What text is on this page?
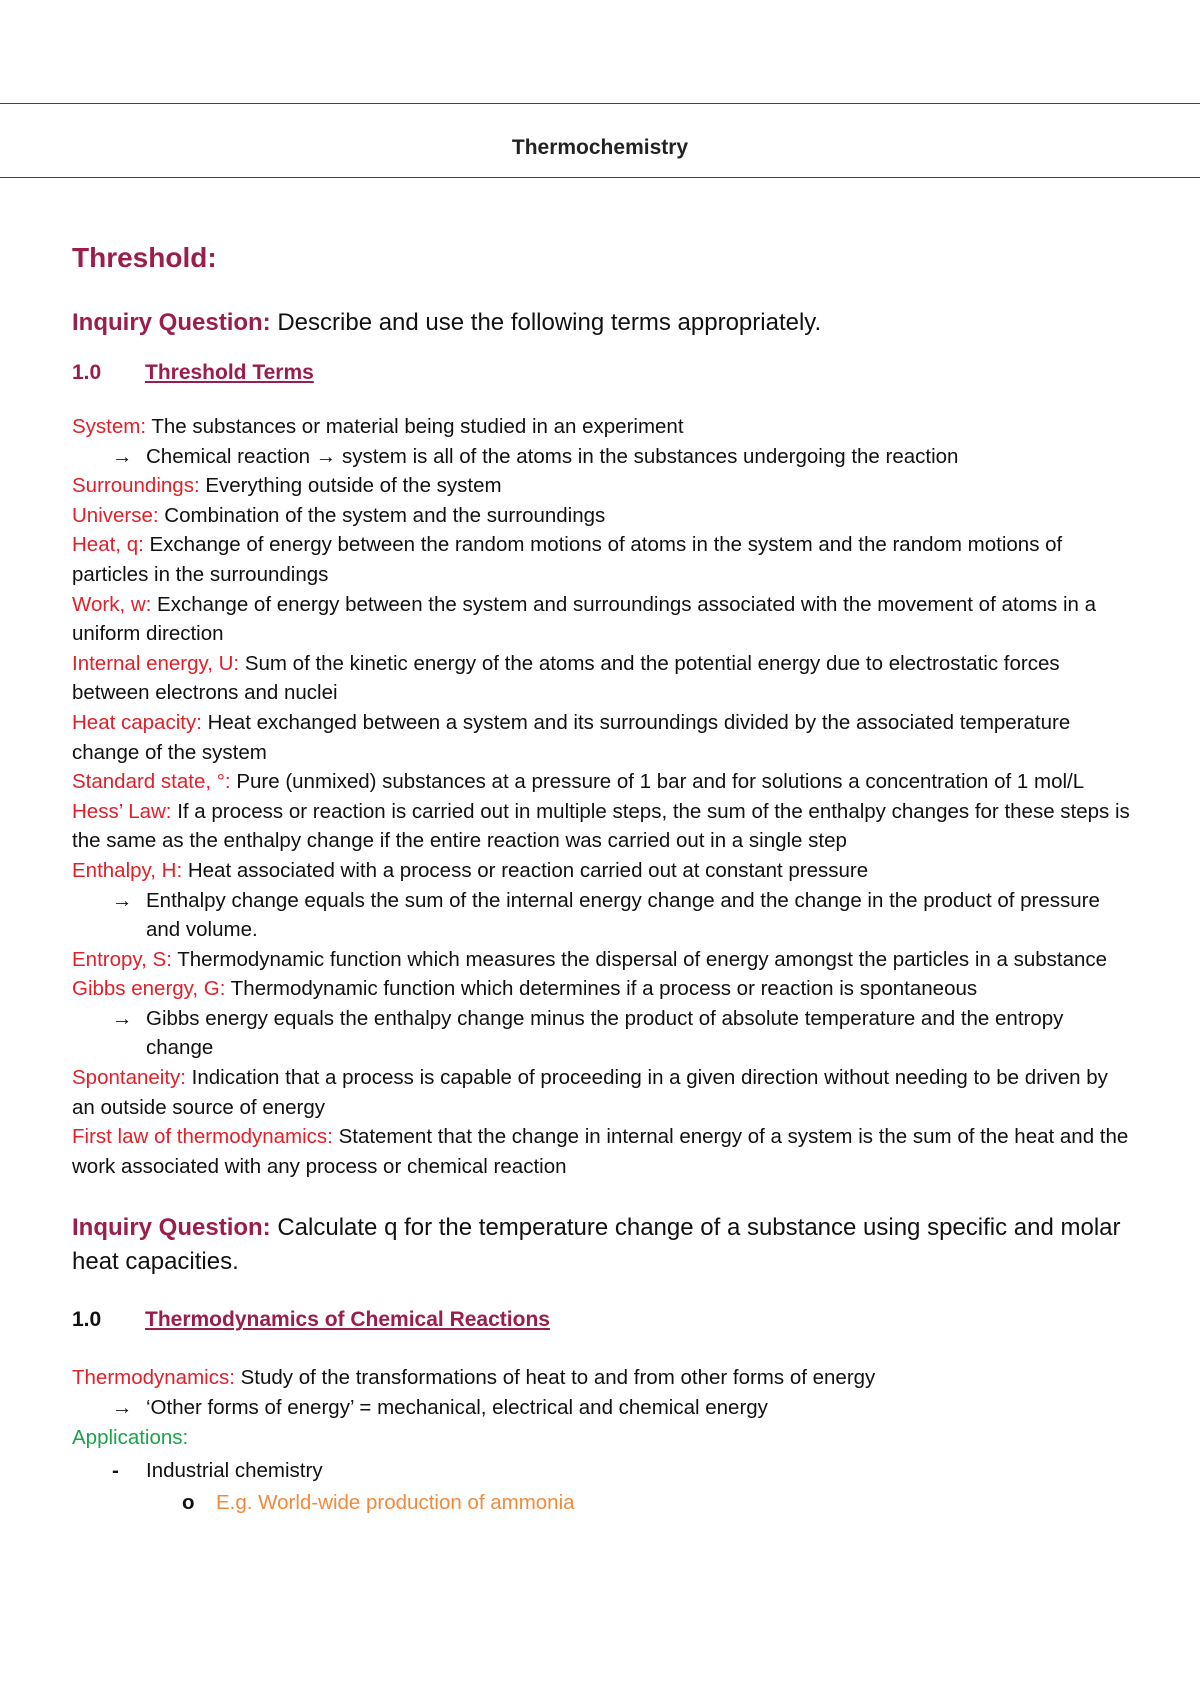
Thermochemistry
Threshold:
Inquiry Question: Describe and use the following terms appropriately.
1.0 Threshold Terms
System: The substances or material being studied in an experiment
→ Chemical reaction → system is all of the atoms in the substances undergoing the reaction
Surroundings: Everything outside of the system
Universe: Combination of the system and the surroundings
Heat, q: Exchange of energy between the random motions of atoms in the system and the random motions of particles in the surroundings
Work, w: Exchange of energy between the system and surroundings associated with the movement of atoms in a uniform direction
Internal energy, U: Sum of the kinetic energy of the atoms and the potential energy due to electrostatic forces between electrons and nuclei
Heat capacity: Heat exchanged between a system and its surroundings divided by the associated temperature change of the system
Standard state, °: Pure (unmixed) substances at a pressure of 1 bar and for solutions a concentration of 1 mol/L
Hess’ Law: If a process or reaction is carried out in multiple steps, the sum of the enthalpy changes for these steps is the same as the enthalpy change if the entire reaction was carried out in a single step
Enthalpy, H: Heat associated with a process or reaction carried out at constant pressure
→ Enthalpy change equals the sum of the internal energy change and the change in the product of pressure and volume.
Entropy, S: Thermodynamic function which measures the dispersal of energy amongst the particles in a substance
Gibbs energy, G: Thermodynamic function which determines if a process or reaction is spontaneous
→ Gibbs energy equals the enthalpy change minus the product of absolute temperature and the entropy change
Spontaneity: Indication that a process is capable of proceeding in a given direction without needing to be driven by an outside source of energy
First law of thermodynamics: Statement that the change in internal energy of a system is the sum of the heat and the work associated with any process or chemical reaction
Inquiry Question: Calculate q for the temperature change of a substance using specific and molar heat capacities.
1.0 Thermodynamics of Chemical Reactions
Thermodynamics: Study of the transformations of heat to and from other forms of energy
→ ‘Other forms of energy’ = mechanical, electrical and chemical energy
Applications:
-	Industrial chemistry
o	E.g. World-wide production of ammonia
